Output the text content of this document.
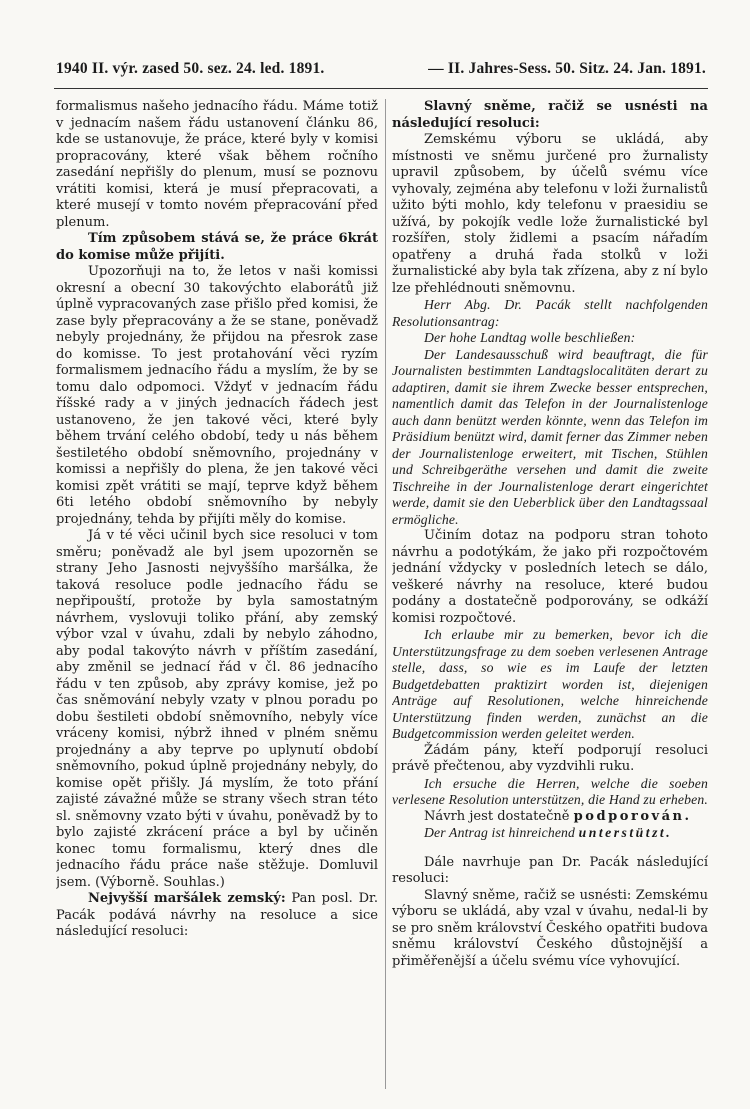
1940 II. výr. zased 50. sez. 24. led. 1891.	— II. Jahres-Sess. 50. Sitz. 24. Jan. 1891.

formalismus našeho jednacího řádu. Máme totiž v jednacím našem řádu ustanovení článku 86, kde se ustanovuje, že práce, které byly v komisi propracovány, které však během ročního zasedání nepřišly do plenum, musí se poznovu vrátiti komisi, která je musí přepracovati, a které musejí v tomto novém přepracování před plenum.

Tím způsobem stává se, že práce 6krát do komise může přijíti.

Upozorňuji na to, že letos v naši komissi okresní a obecní 30 takovýchto elaborátů již úplně vypracovaných zase přišlo před komisi, že zase byly přepracovány a že se stane, poněvadž nebyly projednány, že přijdou na přesrok zase do komisse. To jest protahování věci ryzím formalismem jednacího řádu a myslím, že by se tomu dalo odpomoci. Vždyť v jednacím řádu říšské rady a v jiných jednacích řádech jest ustanoveno, že jen takové věci, které byly během trvání celého období, tedy u nás během šestiletého období sněmovního, projednány v komissi a nepřišly do plena, že jen takové věci komisi zpět vrátiti se mají, teprve když během 6ti letého období sněmovního by nebyly projednány, tehda by přijíti měly do komise.

Já v té věci učinil bych sice resoluci v tom směru; poněvadž ale byl jsem upozorněn se strany Jeho Jasnosti nejvyššího maršálka, že taková resoluce podle jednacího řádu se nepřipouští, protože by byla samostatným návrhem, vyslovuji toliko přání, aby zemský výbor vzal v úvahu, zdali by nebylo záhodno, aby podal takovýto návrh v příštím zasedání, aby změnil se jednací řád v čl. 86 jednacího řádu v ten způsob, aby zprávy komise, jež po čas sněmování nebyly vzaty v plnou poradu po dobu šestileti období sněmovního, nebyly více vráceny komisi, nýbrž ihned v plném sněmu projednány a aby teprve po uplynutí období sněmovního, pokud úplně projednány nebyly, do komise opět přišly. Já myslím, že toto přání zajisté závažné může se strany všech stran této sl. sněmovny vzato býti v úvahu, poněvadž by to bylo zajisté zkrácení práce a byl by učiněn konec tomu formalismu, který dnes dle jednacího řádu práce naše stěžuje. Domluvil jsem. (Výborně. Souhlas.)

Nejvyšší maršálek zemský: Pan posl. Dr. Pacák podává návrhy na resoluce a sice následující resoluci:

Slavný sněme, račiž se usnésti na následující resoluci:

Zemskému výboru se ukládá, aby místnosti ve sněmu jurčené pro žurnalisty upravil způsobem, by účelů svému více vyhovaly, zejména aby telefonu v loži žurnalistů užito býti mohlo, kdy telefonu v praesidiu se užívá, by pokojík vedle lože žurnalistické byl rozšířen, stoly židlemi a psacím nářadím opatřeny a druhá řada stolků v loži žurnalistické aby byla tak zřízena, aby z ní bylo lze přehlédnouti sněmovnu.

Herr Abg. Dr. Pacák stellt nachfolgenden Resolutionsantrag:

Der hohe Landtag wolle beschließen:

Der Landesausschuß wird beauftragt, die für Journalisten bestimmten Landtagslocalitäten derart zu adaptiren, damit sie ihrem Zwecke besser entsprechen, namentlich damit das Telefon in der Journalistenloge auch dann benützt werden könnte, wenn das Telefon im Präsidium benützt wird, damit ferner das Zimmer neben der Journalistenloge erweitert, mit Tischen, Stühlen und Schreibgeräthe versehen und damit die zweite Tischreihe in der Journalistenloge derart eingerichtet werde, damit sie den Ueberblick über den Landtagssaal ermögliche.

Učiním dotaz na podporu stran tohoto návrhu a podotýkám, že jako při rozpočtovém jednání vždycky v posledních letech se dálo, veškeré návrhy na resoluce, které budou podány a dostatečně podporovány, se odkáží komisi rozpočtové.

Ich erlaube mir zu bemerken, bevor ich die Unterstützungsfrage zu dem soeben verlesenen Antrage stelle, dass, so wie es im Laufe der letzten Budgetdebatten praktizirt worden ist, diejenigen Anträge auf Resolutionen, welche hinreichende Unterstützung finden werden, zunächst an die Budgetcommission werden geleitet werden.

Žádám pány, kteří podporují resoluci právě přečtenou, aby vyzdvihli ruku.

Ich ersuche die Herren, welche die soeben verlesene Resolution unterstützen, die Hand zu erheben.

Návrh jest dostatečně podporován.

Der Antrag ist hinreichend unterstützt.

Dále navrhuje pan Dr. Pacák následující resoluci:

Slavný sněme, račiž se usnésti: Zemskému výboru se ukládá, aby vzal v úvahu, nedal-li by se pro sněm království Českého opatřiti budova sněmu království Českého důstojnější a přiměřenější a účelu svému více vyhovující.
